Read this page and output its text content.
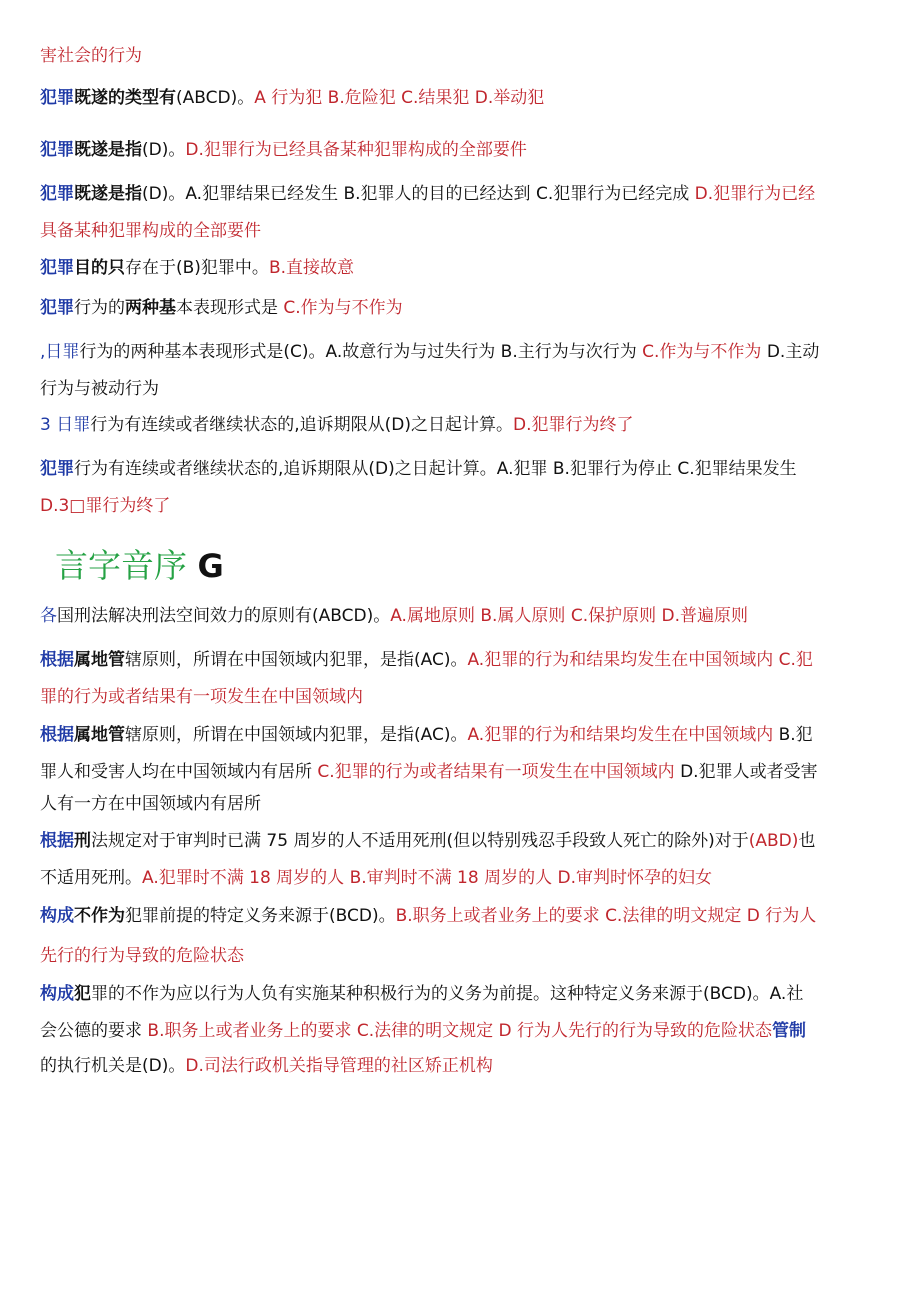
害社会的行为

犯罪既遂的类型有(ABCD)。A 行为犯 B.危险犯 C.结果犯 D.举动犯

犯罪既遂是指(D)。D.犯罪行为已经具备某种犯罪构成的全部要件

犯罪既遂是指(D)。A.犯罪结果已经发生 B.犯罪人的目的已经达到 C.犯罪行为已经完成 D.犯罪行为已经

具备某种犯罪构成的全部要件

犯罪目的只存在于(B)犯罪中。B.直接故意

犯罪行为的两种基本表现形式是 C.作为与不作为

,日罪行为的两种基本表现形式是(C)。A.故意行为与过失行为 B.主行为与次行为 C.作为与不作为 D.主动

行为与被动行为

3 日罪行为有连续或者继续状态的,追诉期限从(D)之日起计算。D.犯罪行为终了

犯罪行为有连续或者继续状态的,追诉期限从(D)之日起计算。A.犯罪 B.犯罪行为停止 C.犯罪结果发生

D.3□罪行为终了

言字音序 G

各国刑法解决刑法空间效力的原则有(ABCD)。A.属地原则 B.属人原则 C.保护原则 D.普遍原则

根据属地管辖原则，所谓在中国领域内犯罪，是指(AC)。A.犯罪的行为和结果均发生在中国领域内 C.犯

罪的行为或者结果有一项发生在中国领域内

根据属地管辖原则，所谓在中国领域内犯罪，是指(AC)。A.犯罪的行为和结果均发生在中国领域内 B.犯

罪人和受害人均在中国领域内有居所 C.犯罪的行为或者结果有一项发生在中国领域内 D.犯罪人或者受害

人有一方在中国领域内有居所

根据刑法规定对于审判时已满 75 周岁的人不适用死刑(但以特别残忍手段致人死亡的除外)对于(ABD)也

不适用死刑。A.犯罪时不满 18 周岁的人 B.审判时不满 18 周岁的人 D.审判时怀孕的妇女

构成不作为犯罪前提的特定义务来源于(BCD)。B.职务上或者业务上的要求 C.法律的明文规定 D 行为人

先行的行为导致的危险状态

构成犯罪的不作为应以行为人负有实施某种积极行为的义务为前提。这种特定义务来源于(BCD)。A.社

会公德的要求 B.职务上或者业务上的要求 C.法律的明文规定 D 行为人先行的行为导致的危险状态管制

的执行机关是(D)。D.司法行政机关指导管理的社区矫正机构
